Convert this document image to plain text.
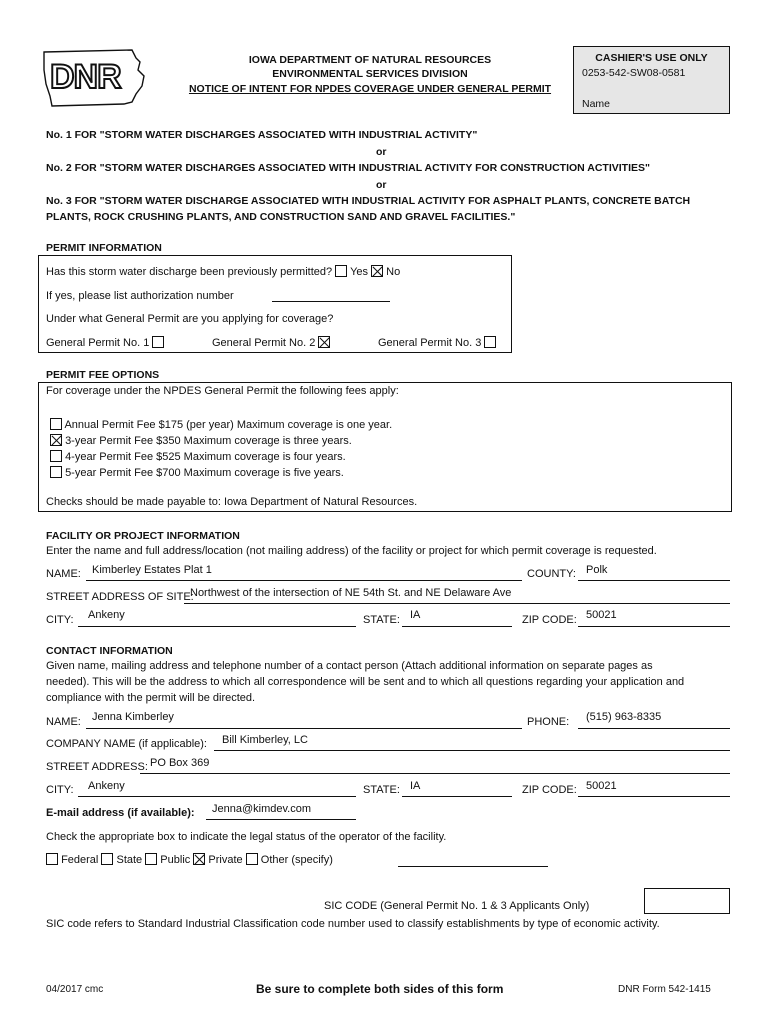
DNR	IOWA DEPARTMENT OF NATURAL RESOURCES
ENVIRONMENTAL SERVICES DIVISION
NOTICE OF INTENT FOR NPDES COVERAGE UNDER GENERAL PERMIT
CASHIER'S USE ONLY
0253-542-SW08-0581
Name
No. 1 FOR "STORM WATER DISCHARGES ASSOCIATED WITH INDUSTRIAL ACTIVITY"
or
No. 2 FOR "STORM WATER DISCHARGES ASSOCIATED WITH INDUSTRIAL ACTIVITY FOR CONSTRUCTION ACTIVITIES"
or
No. 3 FOR "STORM WATER DISCHARGE ASSOCIATED WITH INDUSTRIAL ACTIVITY FOR ASPHALT PLANTS, CONCRETE BATCH
PLANTS, ROCK CRUSHING PLANTS, AND CONSTRUCTION SAND AND GRAVEL FACILITIES."
PERMIT INFORMATION
Has this storm water discharge been previously permitted? Yes No
If yes, please list authorization number
Under what General Permit are you applying for coverage?
General Permit No. 1	General Permit No. 2	General Permit No. 3
PERMIT FEE OPTIONS
For coverage under the NPDES General Permit the following fees apply:
Annual Permit Fee $175 (per year) Maximum coverage is one year.
3-year Permit Fee $350 Maximum coverage is three years.
4-year Permit Fee $525 Maximum coverage is four years.
5-year Permit Fee $700 Maximum coverage is five years.
Checks should be made payable to: Iowa Department of Natural Resources.
FACILITY OR PROJECT INFORMATION
Enter the name and full address/location (not mailing address) of the facility or project for which permit coverage is requested.
NAME: Kimberley Estates Plat 1	COUNTY: Polk
STREET ADDRESS OF SITE:
Northwest of the intersection of NE 54th St. and NE Delaware Ave
CITY: Ankeny	STATE: IA	ZIP CODE: 50021
CONTACT INFORMATION
Given name, mailing address and telephone number of a contact person (Attach additional information on separate pages as
needed). This will be the address to which all correspondence will be sent and to which all questions regarding your application and
compliance with the permit will be directed.
NAME: Jenna Kimberley	PHONE: (515) 963-8335
COMPANY NAME (if applicable): Bill Kimberley, LC
STREET ADDRESS: PO Box 369
CITY: Ankeny	STATE: IA	ZIP CODE: 50021
E-mail address (if available): Jenna@kimdev.com
Check the appropriate box to indicate the legal status of the operator of the facility.
Federal State Public Private Other (specify)
SIC CODE (General Permit No. 1 & 3 Applicants Only)
SIC code refers to Standard Industrial Classification code number used to classify establishments by type of economic activity.
04/2017 cmc	Be sure to complete both sides of this form	DNR Form 542-1415
